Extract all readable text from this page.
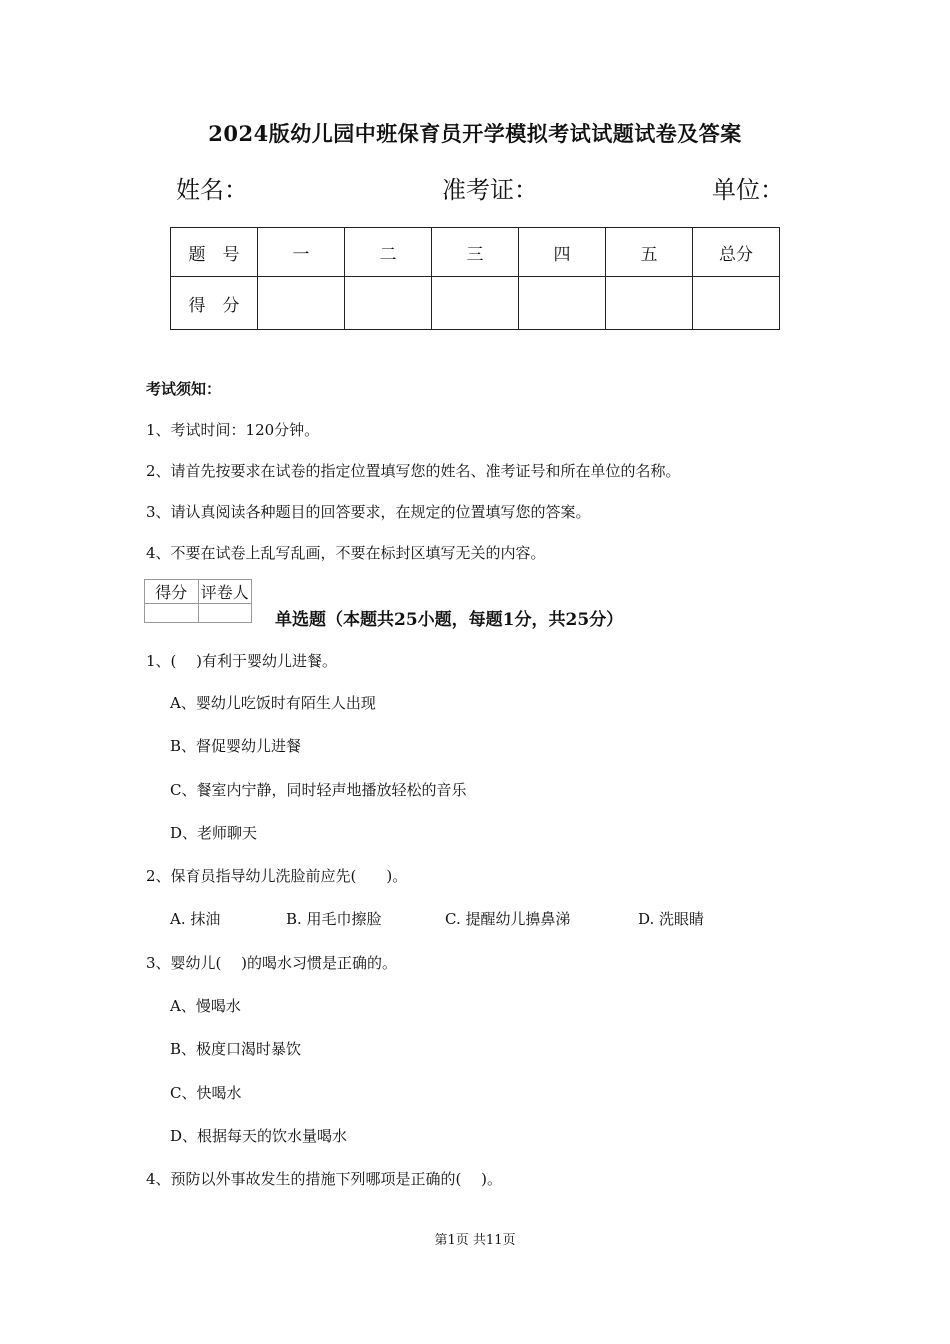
2024版幼儿园中班保育员开学模拟考试试题试卷及答案
姓名：	准考证：	单位：
题　号	一	二	三	四	五	总分
得　分						
考试须知：
1、考试时间：120分钟。
2、请首先按要求在试卷的指定位置填写您的姓名、准考证号和所在单位的名称。
3、请认真阅读各种题目的回答要求，在规定的位置填写您的答案。
4、不要在试卷上乱写乱画，不要在标封区填写无关的内容。
得分	评卷人

单选题（本题共25小题，每题1分，共25分）
1、(　 )有利于婴幼儿进餐。
A、婴幼儿吃饭时有陌生人出现
B、督促婴幼儿进餐
C、餐室内宁静，同时轻声地播放轻松的音乐
D、老师聊天
2、保育员指导幼儿洗脸前应先(　　)。
A. 抹油	B. 用毛巾擦脸	C. 提醒幼儿擤鼻涕	D. 洗眼睛
3、婴幼儿(　 )的喝水习惯是正确的。
A、慢喝水
B、极度口渴时暴饮
C、快喝水
D、根据每天的饮水量喝水
4、预防以外事故发生的措施下列哪项是正确的(　 )。
第1页 共11页
